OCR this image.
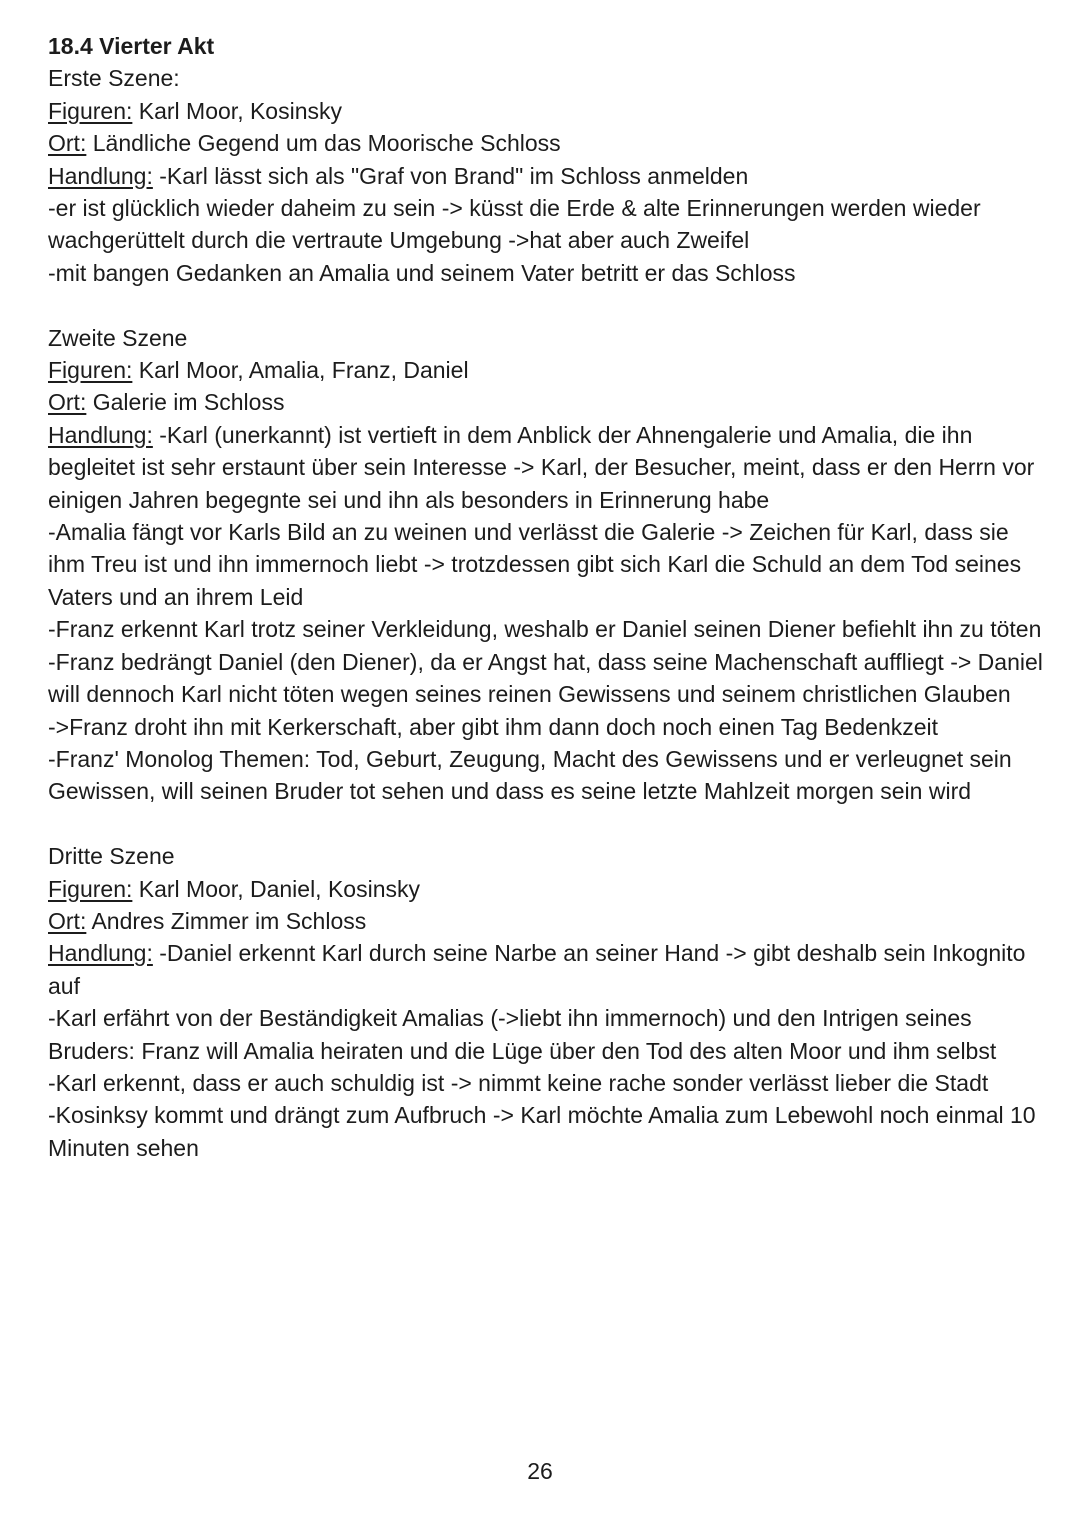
18.4 Vierter Akt

Erste Szene:

Figuren: Karl Moor, Kosinsky

Ort: Ländliche Gegend um das Moorische Schloss

Handlung: -Karl lässt sich als "Graf von Brand" im Schloss anmelden

-er ist glücklich wieder daheim zu sein -> küsst die Erde & alte Erinnerungen werden wieder wachgerüttelt durch die vertraute Umgebung ->hat aber auch Zweifel

-mit bangen Gedanken an Amalia und seinem Vater betritt er das Schloss

Zweite Szene

Figuren: Karl Moor, Amalia, Franz, Daniel

Ort: Galerie im Schloss

Handlung: -Karl (unerkannt) ist vertieft in dem Anblick der Ahnengalerie und Amalia, die ihn begleitet ist sehr erstaunt über sein Interesse -> Karl, der Besucher, meint, dass er den Herrn vor einigen Jahren begegnte sei und ihn als besonders in Erinnerung habe

-Amalia fängt vor Karls Bild an zu weinen und verlässt die Galerie -> Zeichen für Karl, dass sie ihm Treu ist und ihn immernoch liebt -> trotzdessen gibt sich Karl die Schuld an dem Tod seines Vaters und an ihrem Leid

-Franz erkennt Karl trotz seiner Verkleidung, weshalb er Daniel seinen Diener befiehlt ihn zu töten

-Franz bedrängt Daniel (den Diener), da er Angst hat, dass seine Machenschaft auffliegt -> Daniel will dennoch Karl nicht töten wegen seines reinen Gewissens und seinem christlichen Glauben

->Franz droht ihn mit Kerkerschaft, aber gibt ihm dann doch noch einen Tag Bedenkzeit

-Franz' Monolog Themen: Tod, Geburt, Zeugung, Macht des Gewissens und er verleugnet sein Gewissen, will seinen Bruder tot sehen und dass es seine letzte Mahlzeit morgen sein wird

Dritte Szene

Figuren: Karl Moor, Daniel, Kosinsky

Ort: Andres Zimmer im Schloss

Handlung: -Daniel erkennt Karl durch seine Narbe an seiner Hand -> gibt deshalb sein Inkognito auf

-Karl erfährt von der Beständigkeit Amalias (->liebt ihn immernoch) und den Intrigen seines Bruders: Franz will Amalia heiraten und die Lüge über den Tod des alten Moor und ihm selbst

-Karl erkennt, dass er auch schuldig ist -> nimmt keine rache sonder verlässt lieber die Stadt

-Kosinksy kommt und drängt zum Aufbruch -> Karl möchte Amalia zum Lebewohl noch einmal 10 Minuten sehen

26
